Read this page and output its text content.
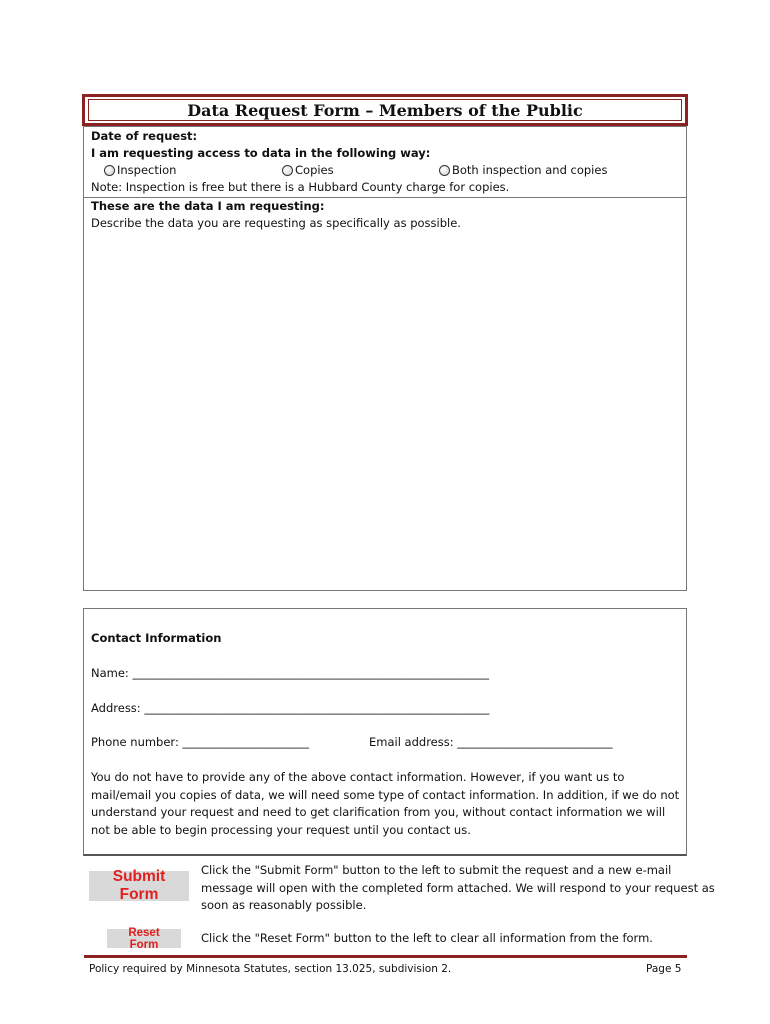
Data Request Form – Members of the Public
Date of request:
I am requesting access to data in the following way:
Inspection	Copies	Both inspection and copies
Note: Inspection is free but there is a Hubbard County charge for copies.
These are the data I am requesting:
Describe the data you are requesting as specifically as possible.
Contact Information
Name: ______________________________________________________________
Address: ____________________________________________________________
Phone number: ______________________	Email address: ___________________________
You do not have to provide any of the above contact information. However, if you want us to mail/email you copies of data, we will need some type of contact information. In addition, if we do not understand your request and need to get clarification from you, without contact information we will not be able to begin processing your request until you contact us.
Submit Form
Click the "Submit Form" button to the left to submit the request and a new e-mail message will open with the completed form attached. We will respond to your request as soon as reasonably possible.
Reset Form	Click the "Reset Form" button to the left to clear all information from the form.
Policy required by Minnesota Statutes, section 13.025, subdivision 2.	Page 5
